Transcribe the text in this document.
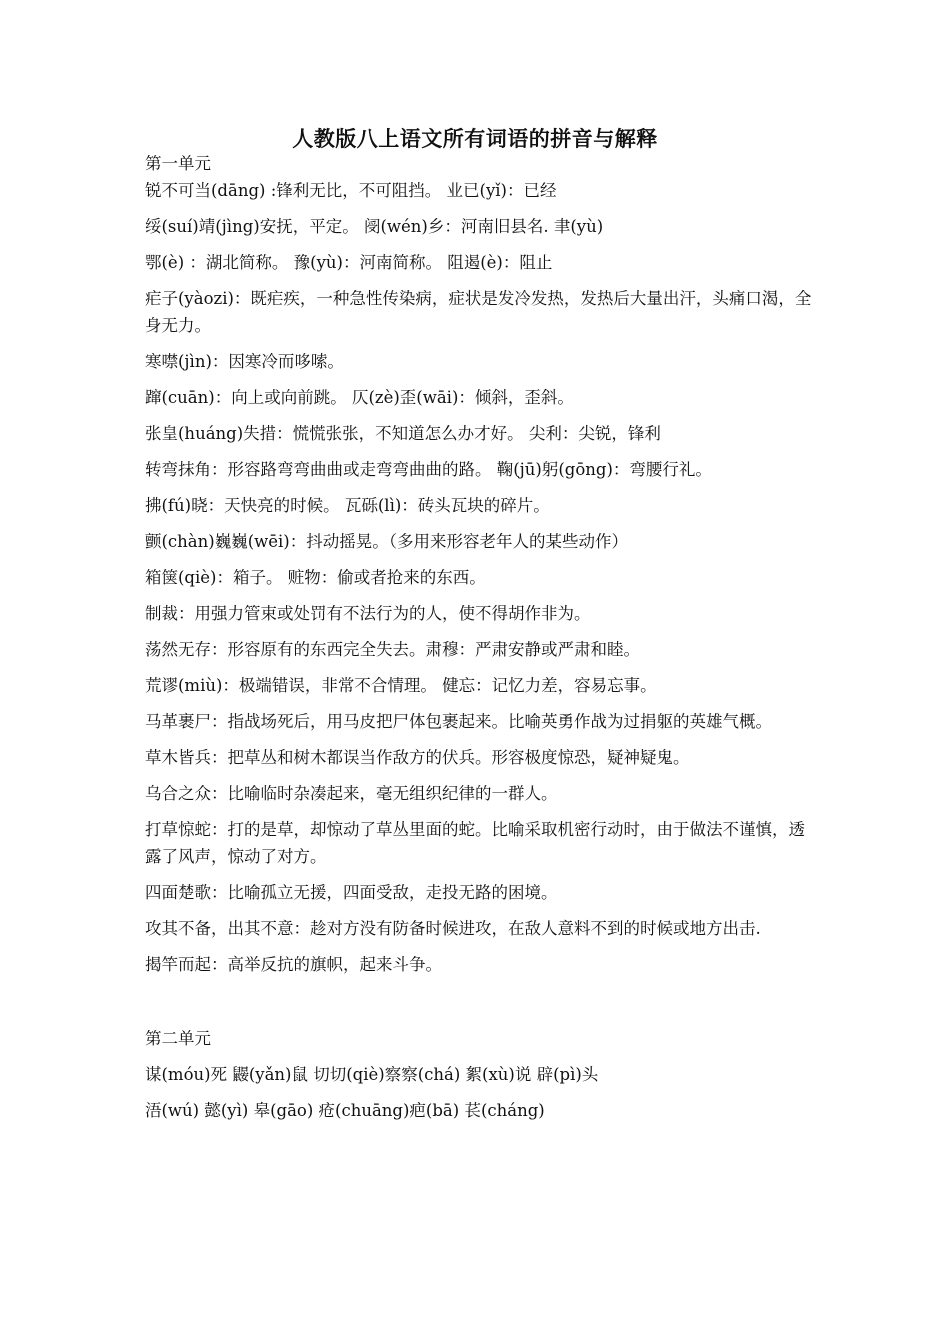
人教版八上语文所有词语的拼音与解释
第一单元

锐不可当(dāng) :锋利无比，不可阻挡。 业已(yǐ)：已经

绥(suí)靖(jìng)安抚，平定。 阌(wén)乡：河南旧县名. 聿(yù)

鄂(è) ：湖北简称。 豫(yù)：河南简称。 阻遏(è)：阻止

疟子(yàozi)：既疟疾，一种急性传染病，症状是发冷发热，发热后大量出汗，头痛口渴，全身无力。

寒噤(jìn)：因寒冷而哆嗦。

蹿(cuān)：向上或向前跳。 仄(zè)歪(wāi)：倾斜，歪斜。

张皇(huáng)失措：慌慌张张，不知道怎么办才好。 尖利：尖锐，锋利

转弯抹角：形容路弯弯曲曲或走弯弯曲曲的路。 鞠(jū)躬(gōng)：弯腰行礼。

拂(fú)晓：天快亮的时候。 瓦砾(lì)：砖头瓦块的碎片。

颤(chàn)巍巍(wēi)：抖动摇晃。（多用来形容老年人的某些动作）

箱箧(qiè)：箱子。 赃物：偷或者抢来的东西。

制裁：用强力管束或处罚有不法行为的人，使不得胡作非为。

荡然无存：形容原有的东西完全失去。肃穆：严肃安静或严肃和睦。

荒谬(miù)：极端错误，非常不合情理。 健忘：记忆力差，容易忘事。

马革裹尸：指战场死后，用马皮把尸体包裹起来。比喻英勇作战为过捐躯的英雄气概。

草木皆兵：把草丛和树木都误当作敌方的伏兵。形容极度惊恐，疑神疑鬼。

乌合之众：比喻临时杂凑起来，毫无组织纪律的一群人。

打草惊蛇：打的是草，却惊动了草丛里面的蛇。比喻采取机密行动时，由于做法不谨慎，透露了风声，惊动了对方。

四面楚歌：比喻孤立无援，四面受敌，走投无路的困境。

攻其不备，出其不意：趁对方没有防备时候进攻，在敌人意料不到的时候或地方出击.

揭竿而起：高举反抗的旗帜，起来斗争。

第二单元

谋(móu)死 鼹(yǎn)鼠 切切(qiè)察察(chá) 絮(xù)说 辟(pì)头

浯(wú) 懿(yì) 皋(gāo) 疮(chuāng)疤(bā) 苌(cháng)
